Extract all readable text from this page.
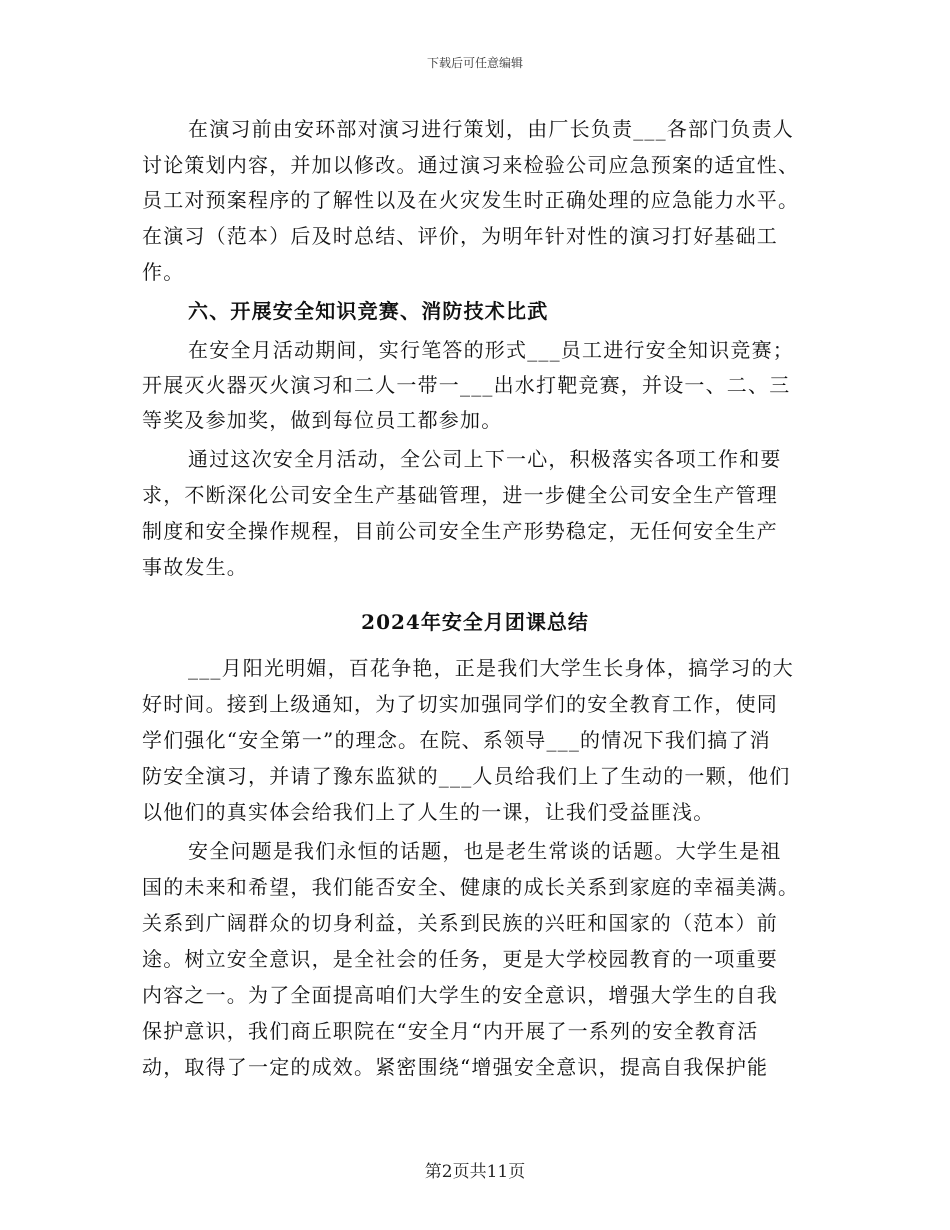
下载后可任意编辑
在演习前由安环部对演习进行策划，由厂长负责___各部门负责人
讨论策划内容，并加以修改。通过演习来检验公司应急预案的适宜性、
员工对预案程序的了解性以及在火灾发生时正确处理的应急能力水平。
在演习（范本）后及时总结、评价，为明年针对性的演习打好基础工
作。
六、开展安全知识竞赛、消防技术比武
在安全月活动期间，实行笔答的形式___员工进行安全知识竞赛；
开展灭火器灭火演习和二人一带一___出水打靶竞赛，并设一、二、三
等奖及参加奖，做到每位员工都参加。
通过这次安全月活动，全公司上下一心，积极落实各项工作和要
求，不断深化公司安全生产基础管理，进一步健全公司安全生产管理
制度和安全操作规程，目前公司安全生产形势稳定，无任何安全生产
事故发生。
2024年安全月团课总结
___月阳光明媚，百花争艳，正是我们大学生长身体，搞学习的大
好时间。接到上级通知，为了切实加强同学们的安全教育工作，使同
学们强化“安全第一”的理念。在院、系领导___的情况下我们搞了消
防安全演习，并请了豫东监狱的___人员给我们上了生动的一颗，他们
以他们的真实体会给我们上了人生的一课，让我们受益匪浅。
安全问题是我们永恒的话题，也是老生常谈的话题。大学生是祖
国的未来和希望，我们能否安全、健康的成长关系到家庭的幸福美满。
关系到广阔群众的切身利益，关系到民族的兴旺和国家的（范本）前
途。树立安全意识，是全社会的任务，更是大学校园教育的一项重要
内容之一。为了全面提高咱们大学生的安全意识，增强大学生的自我
保护意识，我们商丘职院在“安全月“内开展了一系列的安全教育活
动，取得了一定的成效。紧密围绕“增强安全意识，提高自我保护能
第2页共11页
